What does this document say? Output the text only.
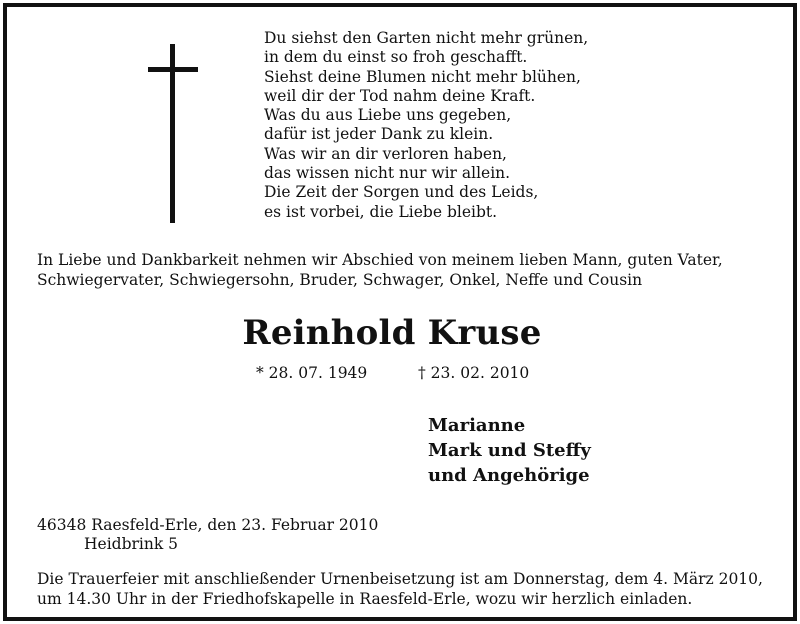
Du siehst den Garten nicht mehr grünen,
in dem du einst so froh geschafft.
Siehst deine Blumen nicht mehr blühen,
weil dir der Tod nahm deine Kraft.
Was du aus Liebe uns gegeben,
dafür ist jeder Dank zu klein.
Was wir an dir verloren haben,
das wissen nicht nur wir allein.
Die Zeit der Sorgen und des Leids,
es ist vorbei, die Liebe bleibt.
In Liebe und Dankbarkeit nehmen wir Abschied von meinem lieben Mann, guten Vater,
Schwiegervater, Schwiegersohn, Bruder, Schwager, Onkel, Neffe und Cousin
Reinhold Kruse
* 28. 07. 1949	† 23. 02. 2010
Marianne
Mark und Steffy
und Angehörige
46348 Raesfeld-Erle, den 23. Februar 2010
Heidbrink 5
Die Trauerfeier mit anschließender Urnenbeisetzung ist am Donnerstag, dem 4. März 2010,
um 14.30 Uhr in der Friedhofskapelle in Raesfeld-Erle, wozu wir herzlich einladen.
